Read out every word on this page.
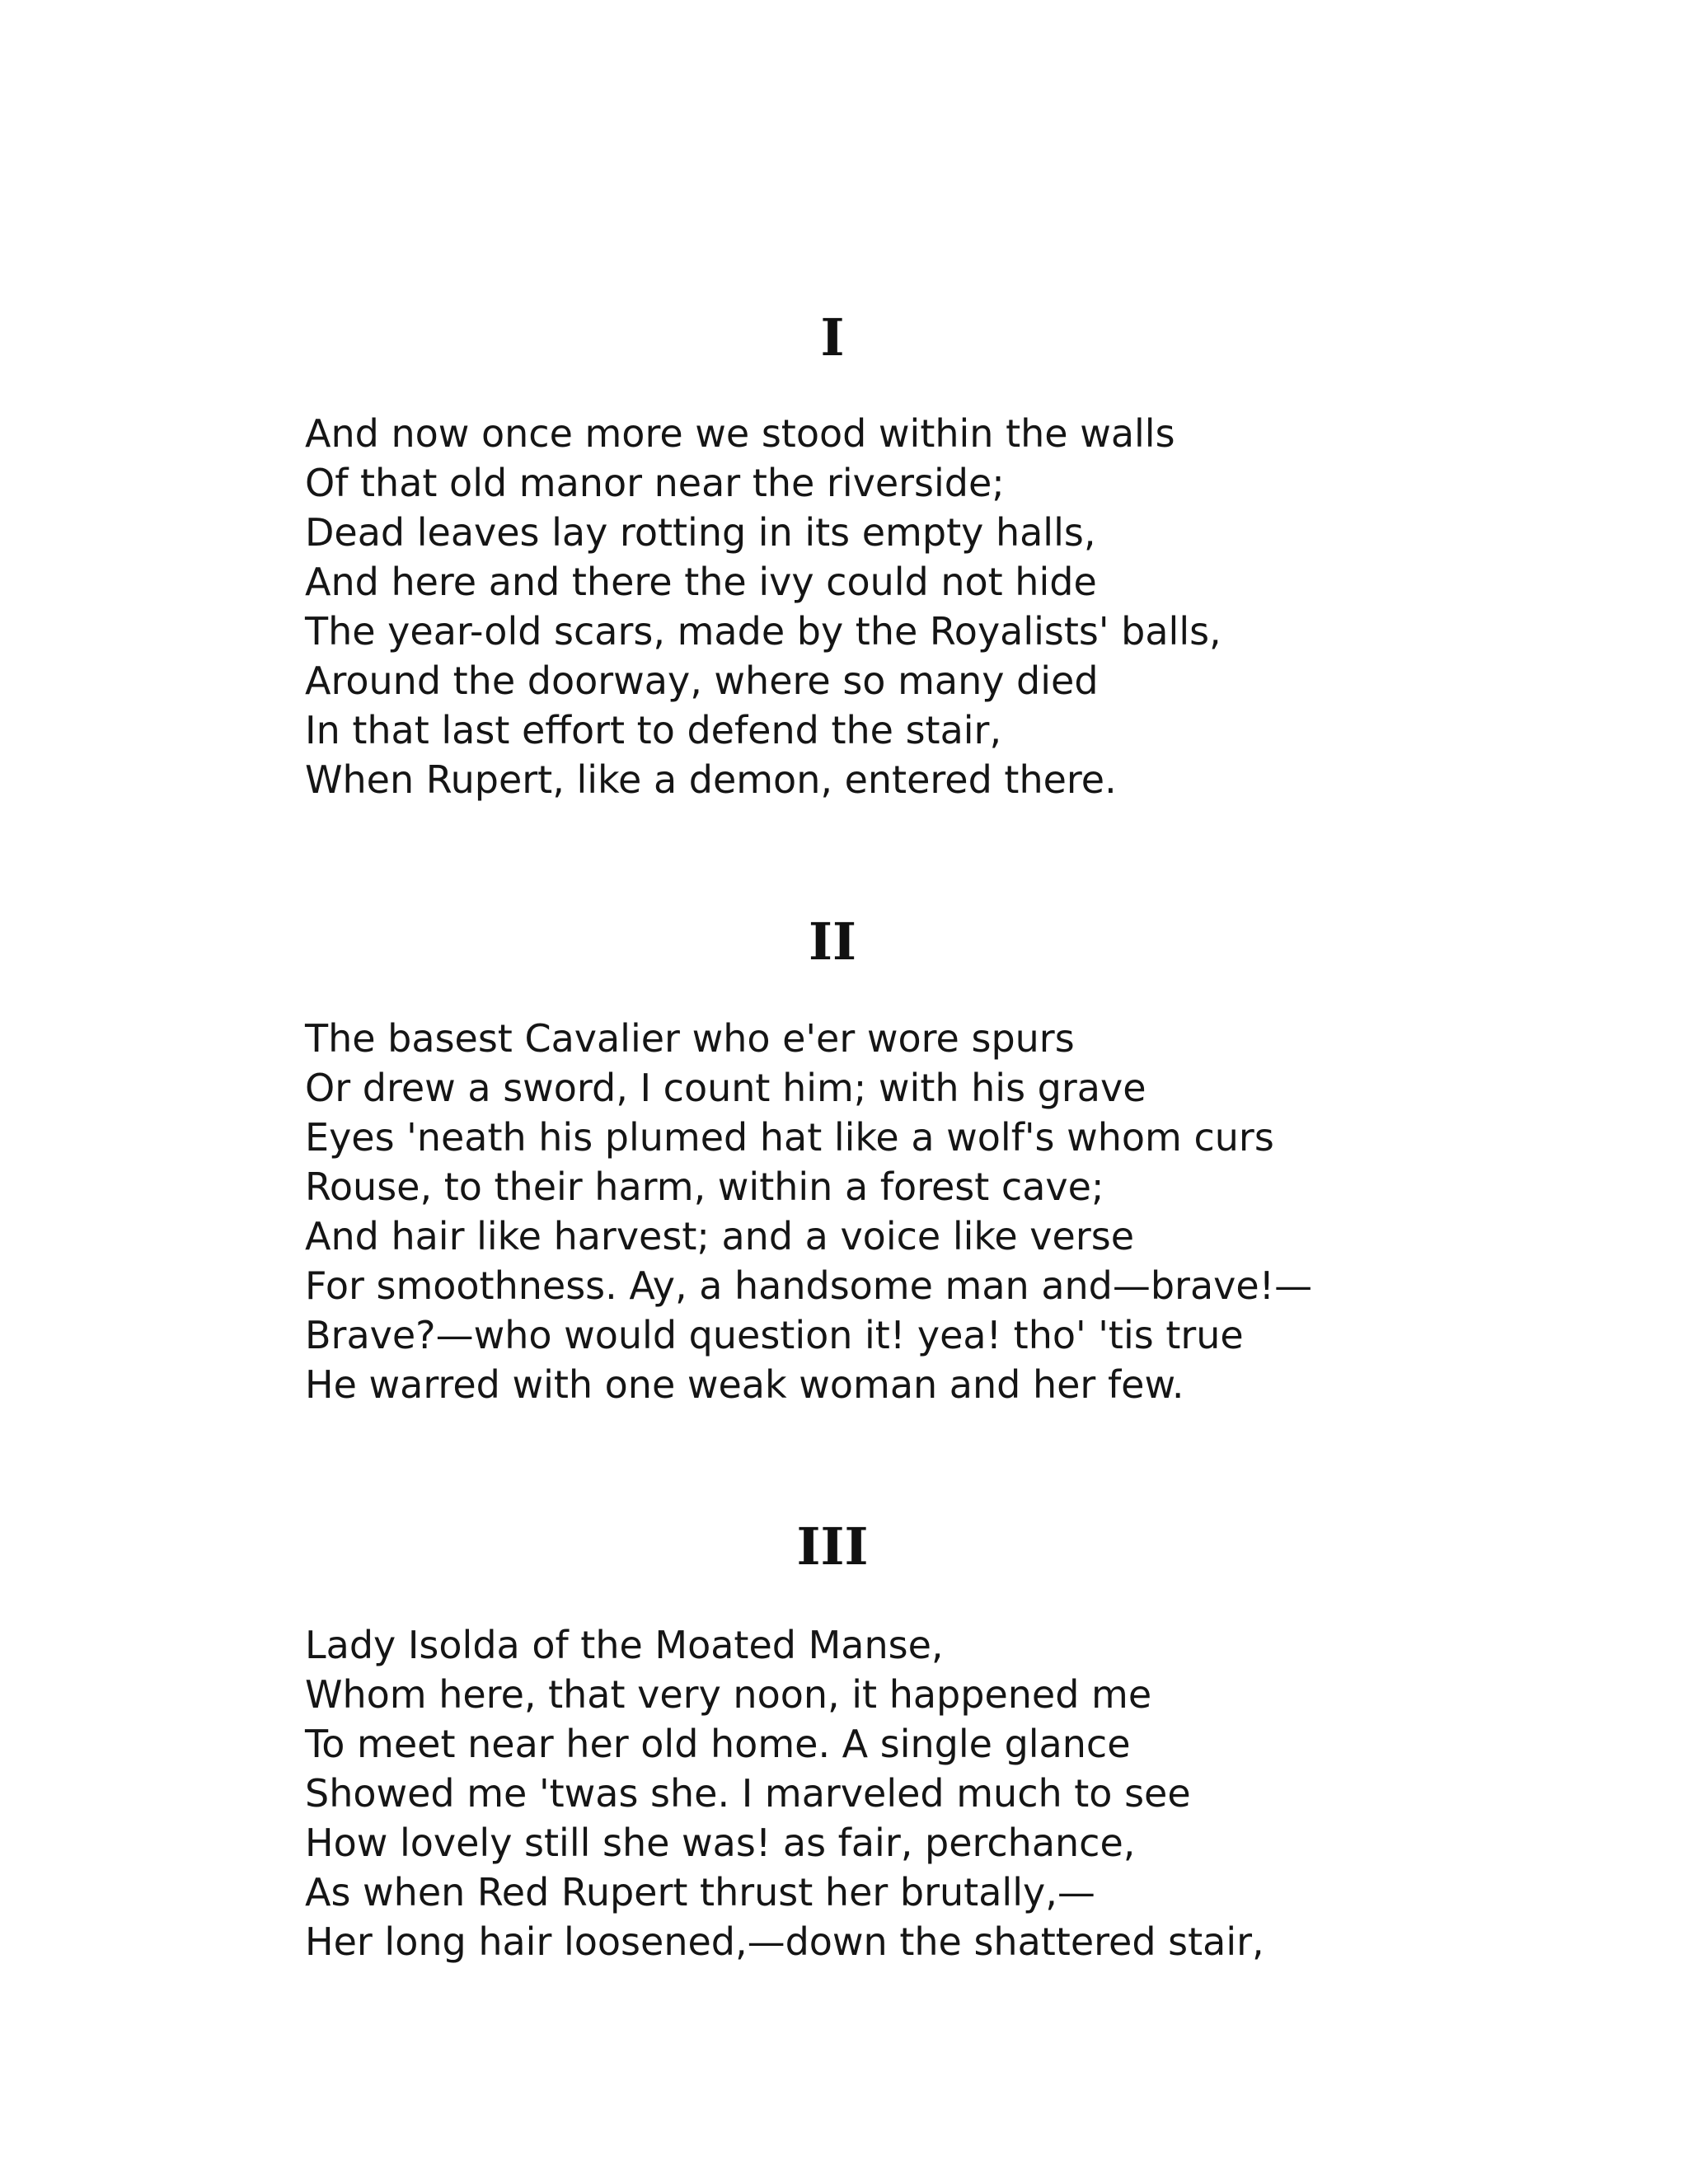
I
And now once more we stood within the walls
Of that old manor near the riverside;
Dead leaves lay rotting in its empty halls,
And here and there the ivy could not hide
The year-old scars, made by the Royalists' balls,
Around the doorway, where so many died
In that last effort to defend the stair,
When Rupert, like a demon, entered there.
II
The basest Cavalier who e'er wore spurs
Or drew a sword, I count him; with his grave
Eyes 'neath his plumed hat like a wolf's whom curs
Rouse, to their harm, within a forest cave;
And hair like harvest; and a voice like verse
For smoothness. Ay, a handsome man and—brave!—
Brave?—who would question it! yea! tho' 'tis true
He warred with one weak woman and her few.
III
Lady Isolda of the Moated Manse,
Whom here, that very noon, it happened me
To meet near her old home. A single glance
Showed me 'twas she. I marveled much to see
How lovely still she was! as fair, perchance,
As when Red Rupert thrust her brutally,—
Her long hair loosened,—down the shattered stair,
